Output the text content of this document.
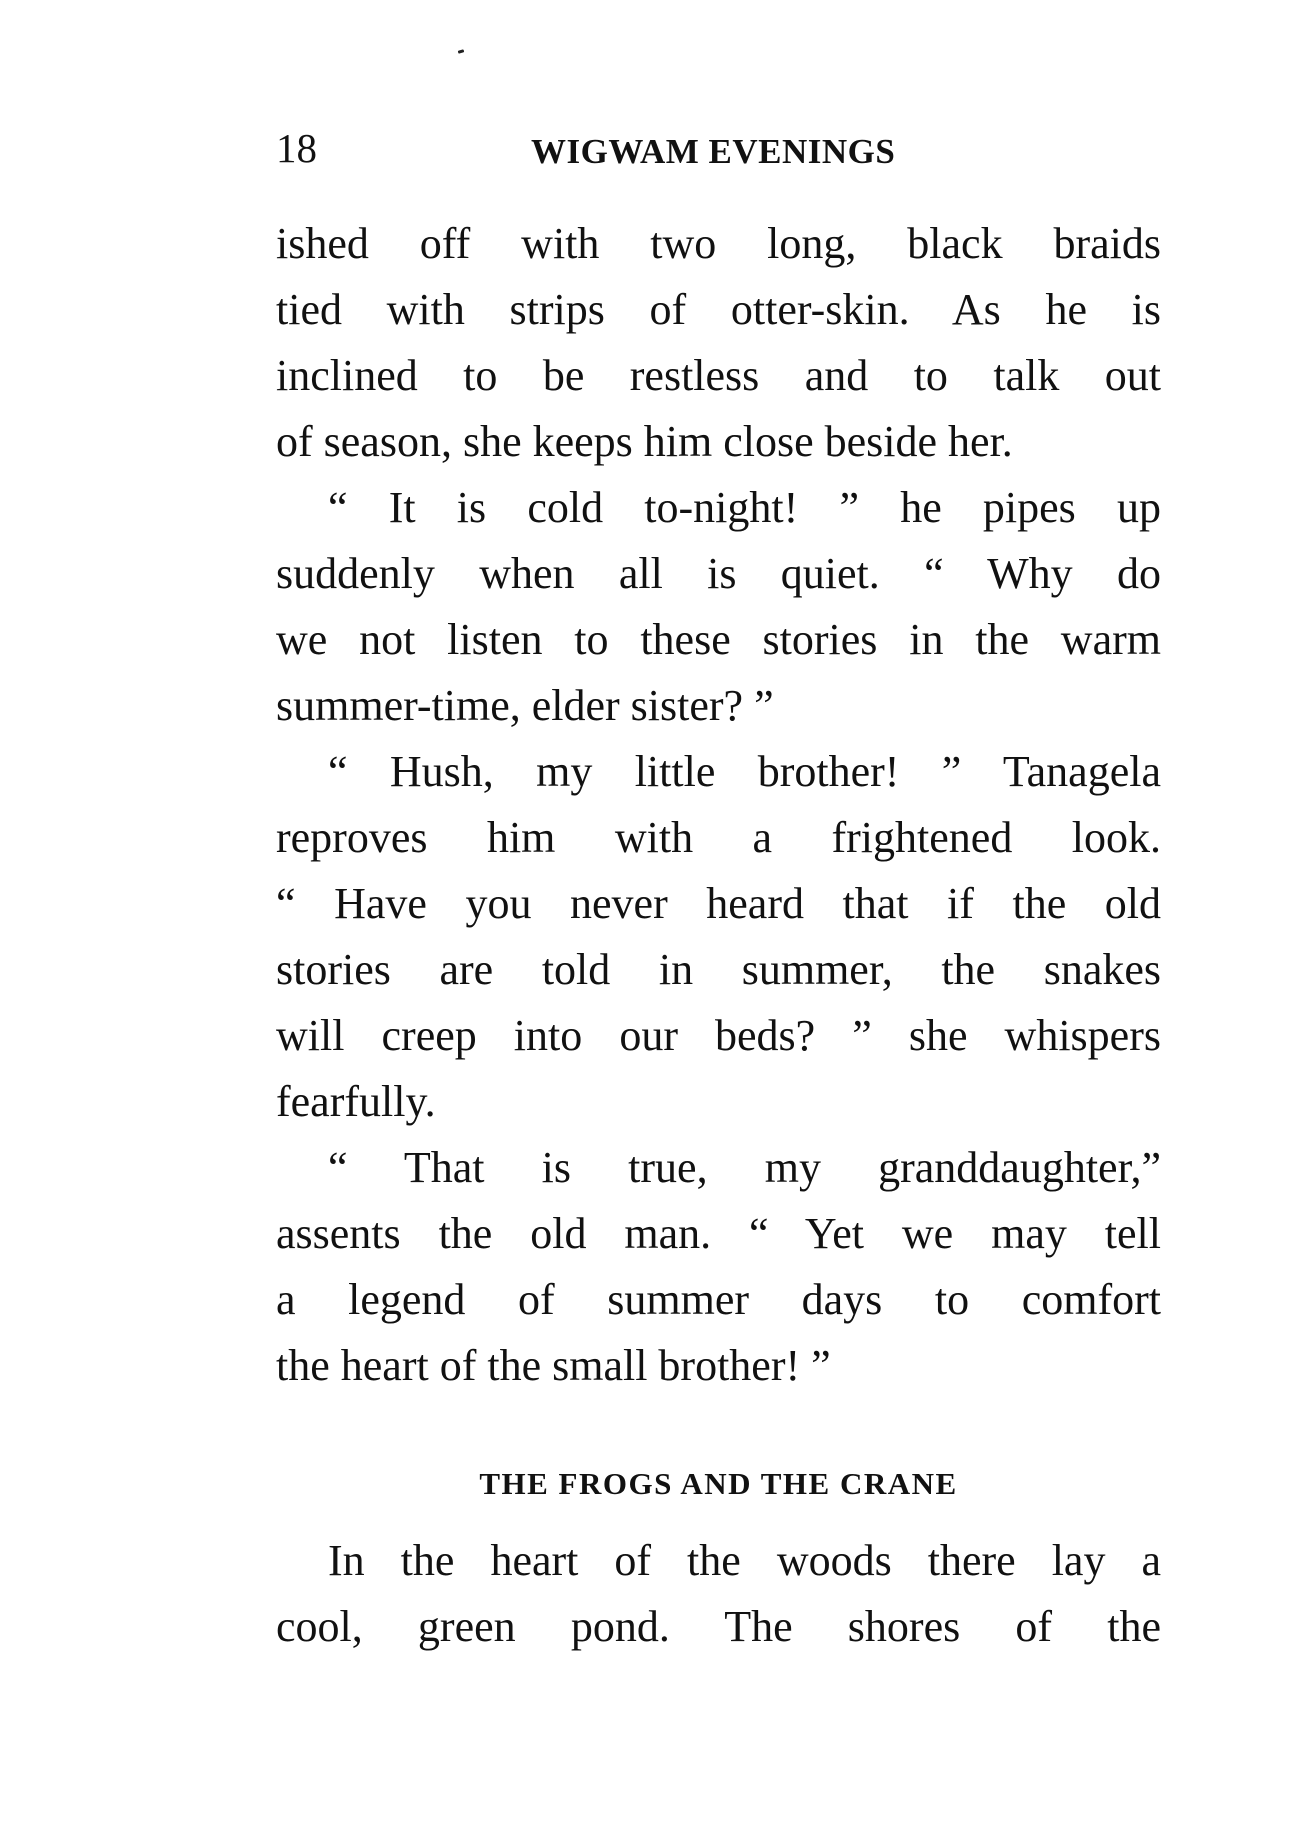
18	WIGWAM EVENINGS
ished off with two long, black braids
tied with strips of otter-skin. As he is
inclined to be restless and to talk out
of season, she keeps him close beside her.
“ It is cold to-night! ” he pipes up
suddenly when all is quiet. “ Why do
we not listen to these stories in the warm
summer-time, elder sister? ”
“ Hush, my little brother! ” Tanagela
reproves him with a frightened look.
“ Have you never heard that if the old
stories are told in summer, the snakes
will creep into our beds? ” she whispers
fearfully.
“ That is true, my granddaughter,”
assents the old man. “ Yet we may tell
a legend of summer days to comfort
the heart of the small brother! ”
THE FROGS AND THE CRANE
In the heart of the woods there lay a
cool, green pond. The shores of the
